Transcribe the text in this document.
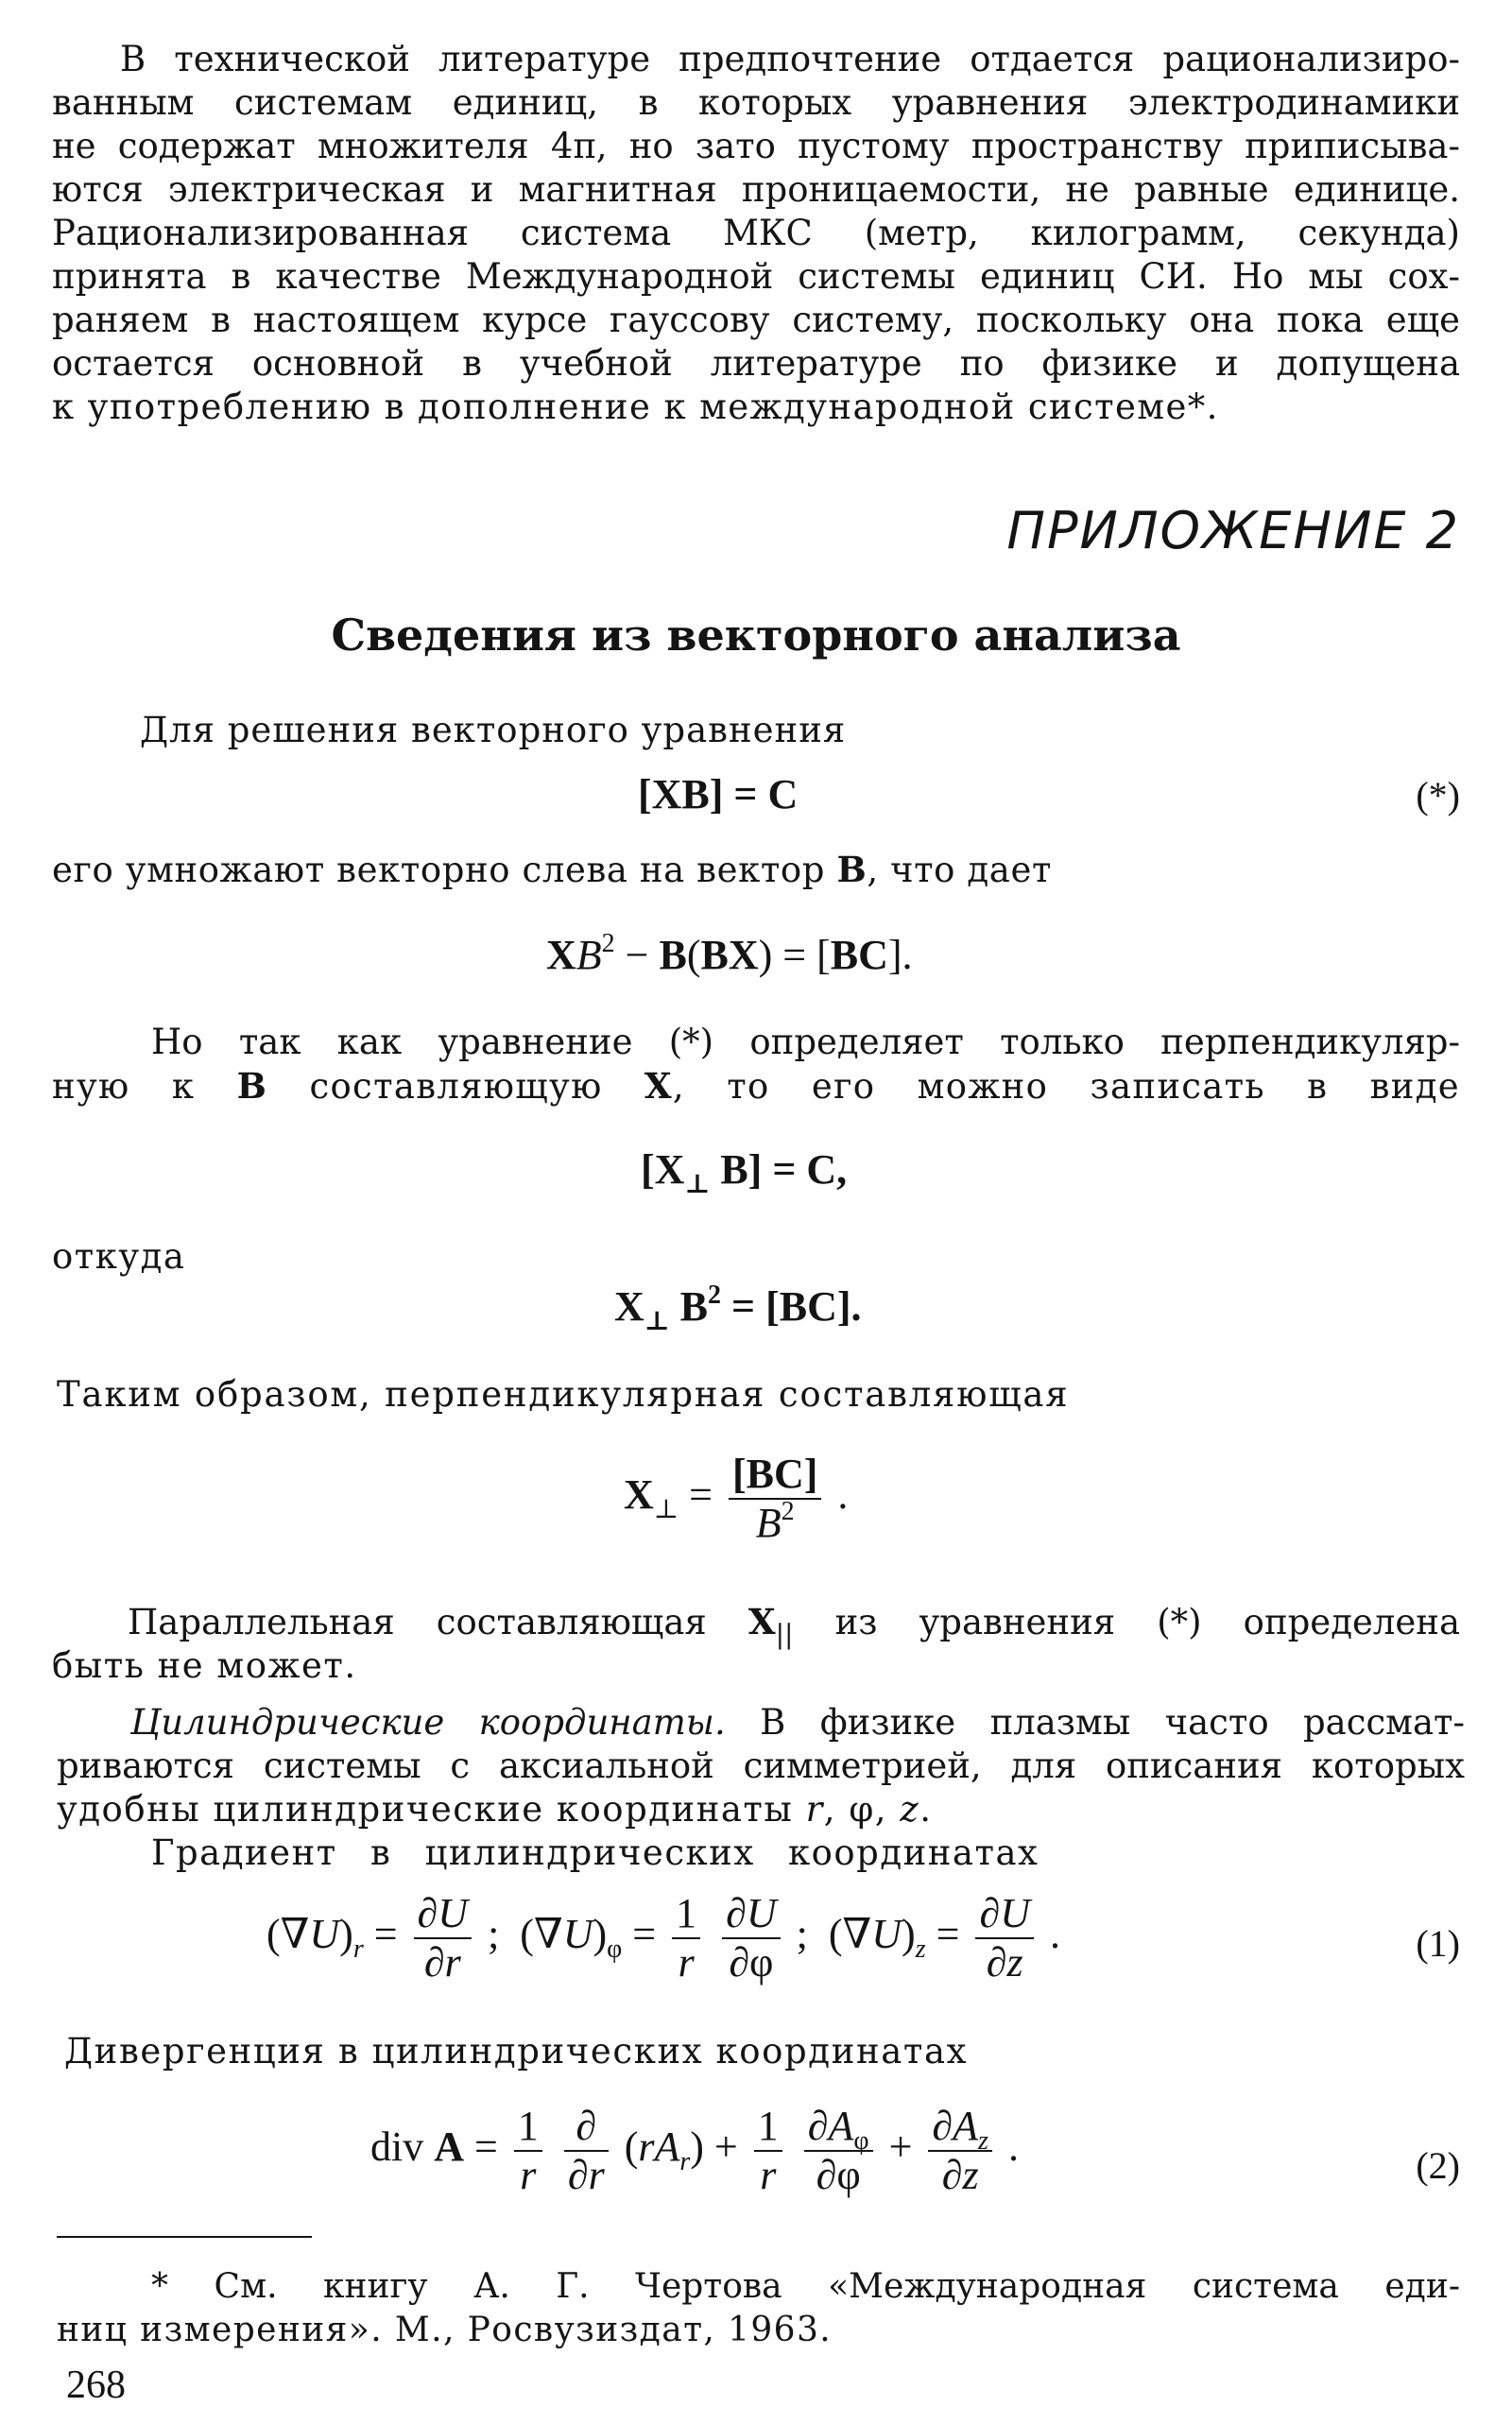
В технической литературе предпочтение отдается рационализиро-
ванным системам единиц, в которых уравнения электродинамики
не содержат множителя 4π, но зато пустому пространству приписыва-
ются электрическая и магнитная проницаемости, не равные единице.
Рационализированная система МКС (метр, килограмм, секунда)
принята в качестве Международной системы единиц СИ. Но мы сох-
раняем в настоящем курсе гауссову систему, поскольку она пока еще
остается основной в учебной литературе по физике и допущена
к употреблению в дополнение к международной системе*.
ПРИЛОЖЕНИЕ 2
Сведения из векторного анализа
Для решения векторного уравнения
[XB] = C	(*)
его умножают векторно слева на вектор B, что дает
$XB^2 - B(BX) = [BC]$.
Но так как уравнение (*) определяет только перпендикуляр-
ную к B составляющую X, то его можно записать в виде
[$X_\perp$ B] = C,
откуда
$X_\perp$ $B^2 = [BC]$.
Таким образом, перпендикулярная составляющая
$X_\perp = \frac{[BC]}{B^2}$ .
Параллельная составляющая $X_{||}$ из уравнения (*) определена
быть не может.
Цилиндрические координаты. В физике плазмы часто рассмат-
риваются системы с аксиальной симметрией, для описания которых
удобны цилиндрические координаты r, φ, z.
Градиент в цилиндрических координатах
$(\nabla U)_r = \frac{\partial U}{\partial r}$ ;  $(\nabla U)_\varphi = \frac{1}{r}$
$\frac{\partial U}{\partial\varphi}$ ;  $(\nabla U)_z = \frac{\partial U}{\partial z}$ .	(1)
Дивергенция в цилиндрических координатах
div $A = \frac{1}{r}$
$\frac{\partial}{\partial r} (rA_r) + \frac{1}{r}$
$\frac{\partial A_\varphi}{\partial\varphi} + \frac{\partial A_z}{\partial z}$ .	(2)
* См. книгу А. Г. Чертова «Международная система еди-
ниц измерения». М., Росвузиздат, 1963.
268
